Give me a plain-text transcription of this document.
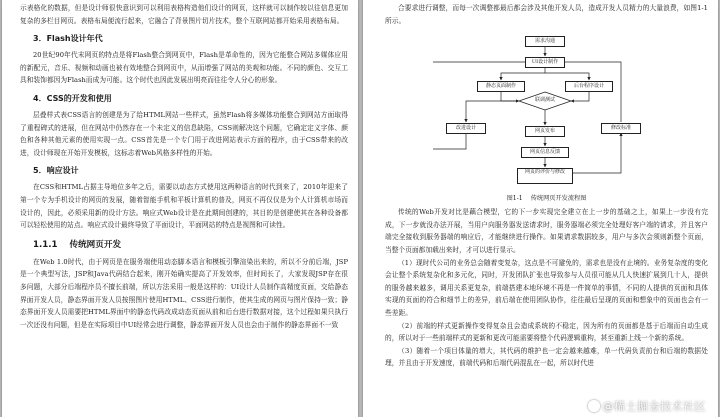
示表格化的数据，但是设计师很快意识到可以利用表格构造他们设计的网页，这样就可以制作较以往信息更加复杂的多栏目网页。表格布局便流行起来，它融合了背景图片切片技术，整个互联网站都开始采用表格布局。

3．Flash设计年代

20世纪90年代末网页的特点是将Flash整合到网页中，Flash是革命性的，因为它能整合网站多媒体应用的新配元，音乐、视频和动画也被有效地整合到网页中，从而增强了网站的美观和功能。不同的颜色、交互工具和装饰都因为Flash而成为可能。这个时代也因此发展出明亮而往往令人分心的形象。

4．CSS的开发和使用

层叠样式表CSS语言的创建是为了给HTML网站一些样式，虽然Flash将多媒体功能整合到网站方面取得了重程碑式的进展，但在网站中仍然存在一个未定义的信息缺陷，CSS则解决这个问题，它确定定义字体、颜色和各种其他元素的使用实现一点。CSS首先是一个专门用于改进网站表示方面的程序，由于CSS带来的改进，设计师现在开始开发模板，这标志着Web风格多样性的开始。

5．响应设计

在CSS和HTML占据主导地位多年之后，需要以动态方式使用这两种语言的时代到来了，2010年迎来了第一个专为手机设计的网页的发展，随着智能手机和平板计算机的普及，网页不再仅仅是为个人计算机市场而设计的，因此，必须采用新的设计方法。响应式Web设计是在此期间创建的，其目的是创建使其在各种设备都可以轻松使用的站点。响应式设计最终导致了平面设计，平面网站的特点是视图和可读性。

1.1.1 传统网页开发

在Web 1.0时代，由于网页是在服务端使用动态脚本语言和模板引擎渲染出来的，所以不分前后端，JSP是一个典型写法，JSP和Java代码结合起来，刚开始确实提高了开发效率，但时间长了，大家发现JSP存在很多问题，大部分后端程序员不擅长前端，所以方法采用一般是这样的：UI设计人员制作高精度页面，交给静态界面开发人员，静态界面开发人员按照图片使用HTML、CSS进行制作，使其生成的网页与图片保持一致；静态界面开发人员需要把HTML界面中的静态代码改成动态页面从前和后台进行数据对接，这个过程如果只执行一次还没有问题，但是在实际项目中UI经常会进行调整，静态界面开发人员也会由于制作的静态界面不一致

合要求进行调整，而每一次调整都最后都会涉及其他开发人员，造成开发人员精力的大量浪费，如图1-1所示。

需求沟通
UI设计制作
静态页面制作	后台程序设计
联调测试
改进设计	网页发布	修改标准
网页信息反馈
网页的评价与修改
图1-1 传统网页开发流程图

传统的Web开发对比是藕合模型，它的下一步实现完全建立在上一步的基础之上，如果上一步没有完成，下一步就没办法开展，当用户向服务器发送请求时，服务器端必须完全处理好客户端的请求，并且客户端完全接收到服务器端的响应后，才能继续进行操作。如果请求数据较多，用户与多次会须则新整个页面，当整个页面都加载出来时，才可以进行显示。

（1）现时代公司的业务总会随着变复杂，这点是不可避免的，需求也是没有止境的。业务复杂度的变化会让整个系统复杂化和多元化，同时，开发团队扩张也导致参与人员很可能从几人快速扩展到几十人，提供的服务越来越多，调用关系更复杂，前端搭建本地环境不再是一件简单的事情，不同的人提供的页面和具体实现的页面的符合和细节上的差异，前后端在使用团队协作，往往最后呈现的页面和想象中的页面也会有一些差距。

（2）前端的样式更新操作变得复杂且会造成系统的不稳定，因为所有的页面都是基于后端而自动生成的，所以对于一些前端样式的更新和更改可能需要将整个代码逻辑重构，甚至重新上线一个新的系统。

（3）随着一个项目体量的增大，其代码的维护也一定会越来越难，单一代码负责前台和后端的数据处理，并且由于开发速度，前端代码和后端代码混乱在一起，所以时代进

@稀土掘金技术社区
